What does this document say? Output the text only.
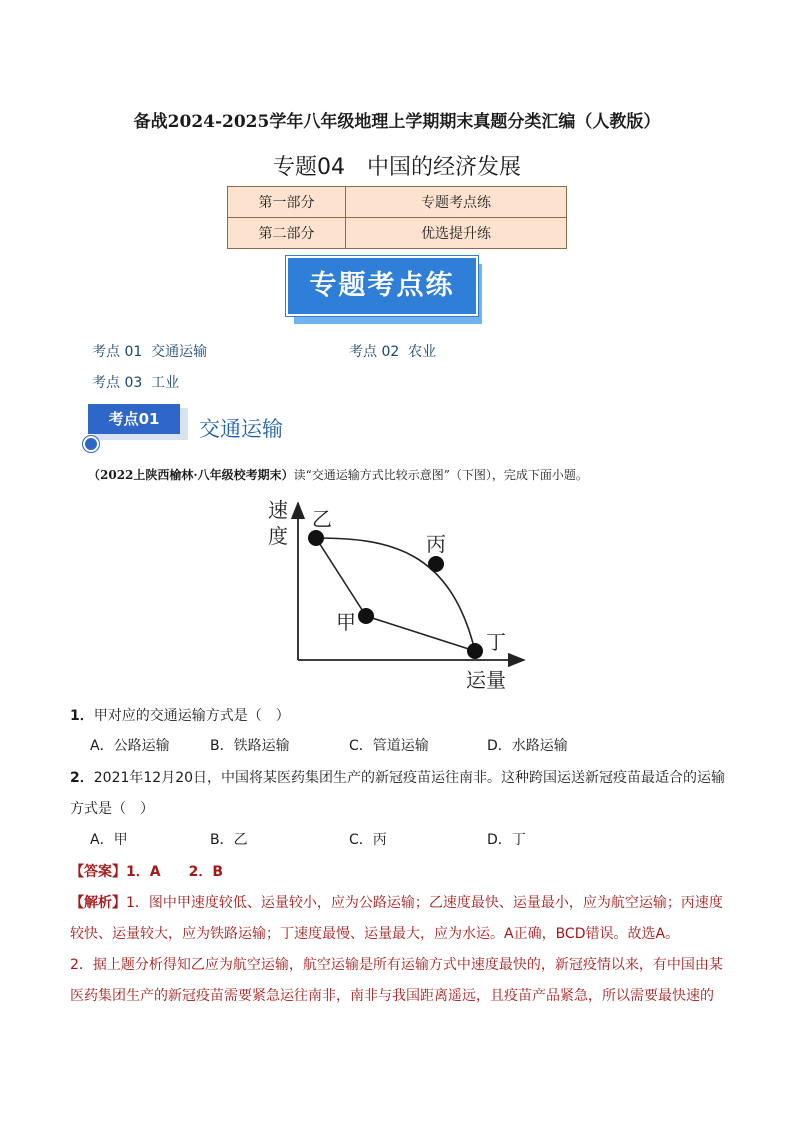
备战2024-2025学年八年级地理上学期期末真题分类汇编（人教版）
专题04　中国的经济发展
第一部分	专题考点练
第二部分	优选提升练
专题考点练
考点 01 交通运输	考点 02 农业
考点 03 工业
考点01	交通运输
（2022上陕西榆林·八年级校考期末）读“交通运输方式比较示意图”（下图），完成下面小题。
速
度
运量
乙
丙
甲
丁
1．甲对应的交通运输方式是（　）
A．公路运输	B．铁路运输	C．管道运输	D．水路运输
2．2021年12月20日，中国将某医药集团生产的新冠疫苗运往南非。这种跨国运送新冠疫苗最适合的运输
方式是（　）
A．甲	B．乙	C．丙	D．丁
【答案】1．A　　2．B
【解析】1．图中甲速度较低、运量较小，应为公路运输；乙速度最快、运量最小，应为航空运输；丙速度
较快、运量较大，应为铁路运输；丁速度最慢、运量最大，应为水运。A正确，BCD错误。故选A。
2．据上题分析得知乙应为航空运输，航空运输是所有运输方式中速度最快的，新冠疫情以来，有中国由某
医药集团生产的新冠疫苗需要紧急运往南非，南非与我国距离遥远，且疫苗产品紧急，所以需要最快速的
